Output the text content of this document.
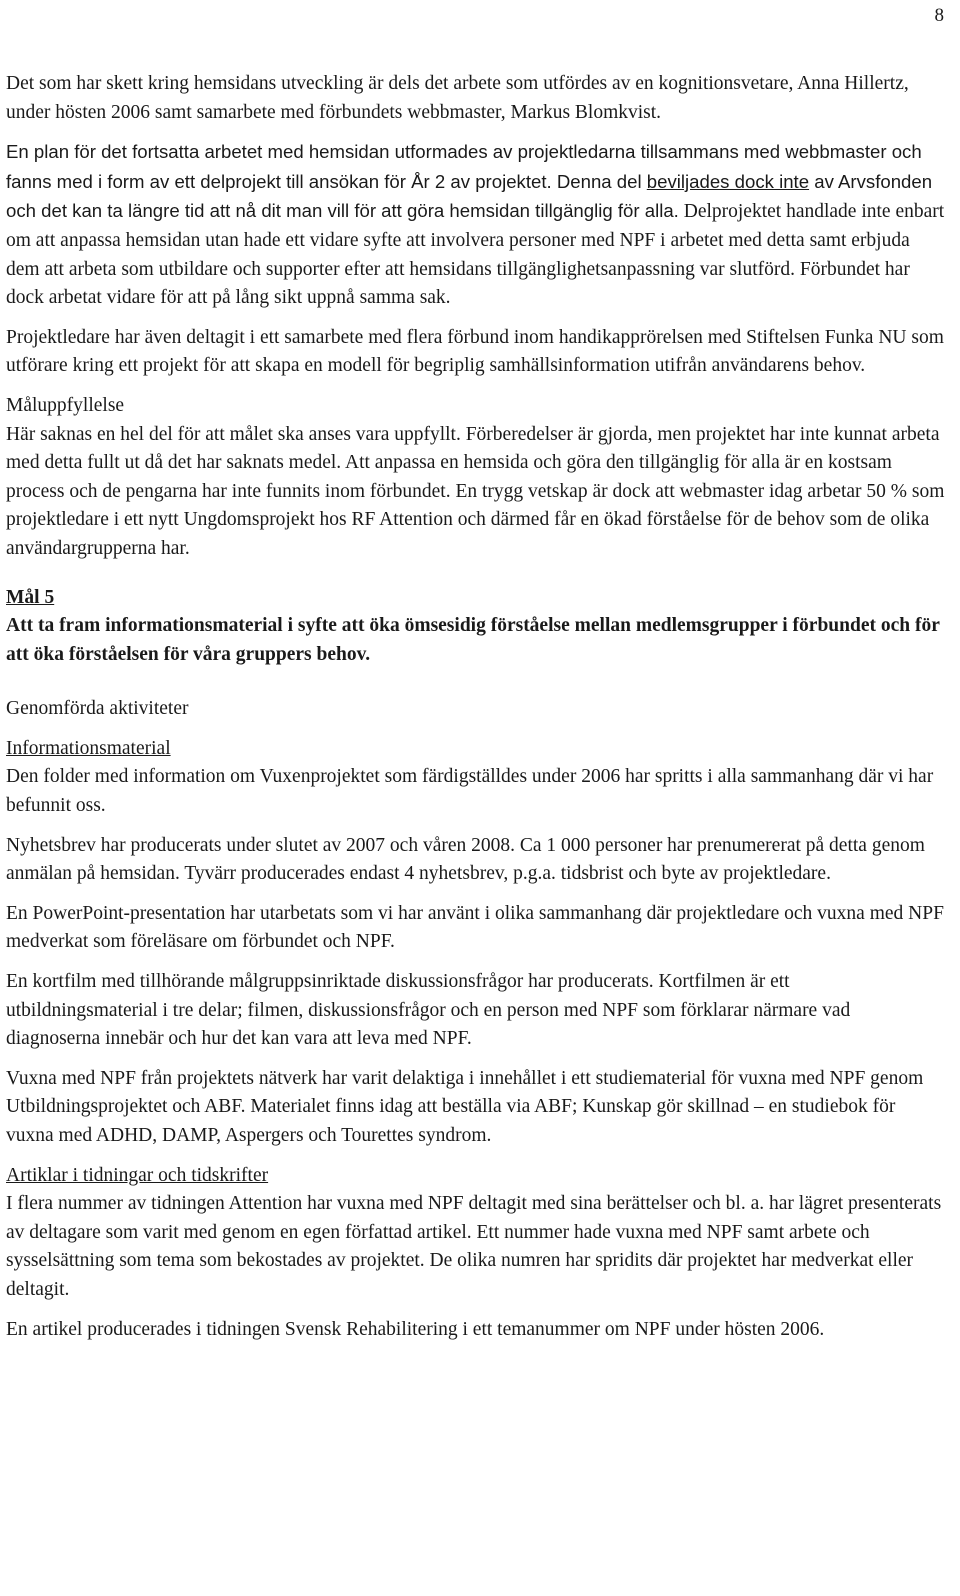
8

Det som har skett kring hemsidans utveckling är dels det arbete som utfördes av en kognitionsvetare, Anna Hillertz, under hösten 2006 samt samarbete med förbundets webbmaster, Markus Blomkvist.

En plan för det fortsatta arbetet med hemsidan utformades av projektledarna tillsammans med webbmaster och fanns med i form av ett delprojekt till ansökan för År 2 av projektet. Denna del beviljades dock inte av Arvsfonden och det kan ta längre tid att nå dit man vill för att göra hemsidan tillgänglig för alla. Delprojektet handlade inte enbart om att anpassa hemsidan utan hade ett vidare syfte att involvera personer med NPF i arbetet med detta samt erbjuda dem att arbeta som utbildare och supporter efter att hemsidans tillgänglighetsanpassning var slutförd. Förbundet har dock arbetat vidare för att på lång sikt uppnå samma sak.

Projektledare har även deltagit i ett samarbete med flera förbund inom handikapprörelsen med Stiftelsen Funka NU som utförare kring ett projekt för att skapa en modell för begriplig samhällsinformation utifrån användarens behov.

Måluppfyllelse

Här saknas en hel del för att målet ska anses vara uppfyllt. Förberedelser är gjorda, men projektet har inte kunnat arbeta med detta fullt ut då det har saknats medel. Att anpassa en hemsida och göra den tillgänglig för alla är en kostsam process och de pengarna har inte funnits inom förbundet. En trygg vetskap är dock att webmaster idag arbetar 50 % som projektledare i ett nytt Ungdomsprojekt hos RF Attention och därmed får en ökad förståelse för de behov som de olika användargrupperna har.

Mål 5

Att ta fram informationsmaterial i syfte att öka ömsesidig förståelse mellan medlemsgrupper i förbundet och för att öka förståelsen för våra gruppers behov.

Genomförda aktiviteter

Informationsmaterial

Den folder med information om Vuxenprojektet som färdigställdes under 2006 har spritts i alla sammanhang där vi har befunnit oss.

Nyhetsbrev har producerats under slutet av 2007 och våren 2008. Ca 1 000 personer har prenumererat på detta genom anmälan på hemsidan. Tyvärr producerades endast 4 nyhetsbrev, p.g.a. tidsbrist och byte av projektledare.

En PowerPoint-presentation har utarbetats som vi har använt i olika sammanhang där projektledare och vuxna med NPF medverkat som föreläsare om förbundet och NPF.

En kortfilm med tillhörande målgruppsinriktade diskussionsfrågor har producerats. Kortfilmen är ett utbildningsmaterial i tre delar; filmen, diskussionsfrågor och en person med NPF som förklarar närmare vad diagnoserna innebär och hur det kan vara att leva med NPF.

Vuxna med NPF från projektets nätverk har varit delaktiga i innehållet i ett studiematerial för vuxna med NPF genom Utbildningsprojektet och ABF. Materialet finns idag att beställa via ABF; Kunskap gör skillnad – en studiebok för vuxna med ADHD, DAMP, Aspergers och Tourettes syndrom.

Artiklar i tidningar och tidskrifter

I flera nummer av tidningen Attention har vuxna med NPF deltagit med sina berättelser och bl. a. har lägret presenterats av deltagare som varit med genom en egen författad artikel. Ett nummer hade vuxna med NPF samt arbete och sysselsättning som tema som bekostades av projektet. De olika numren har spridits där projektet har medverkat eller deltagit.

En artikel producerades i tidningen Svensk Rehabilitering i ett temanummer om NPF under hösten 2006.
